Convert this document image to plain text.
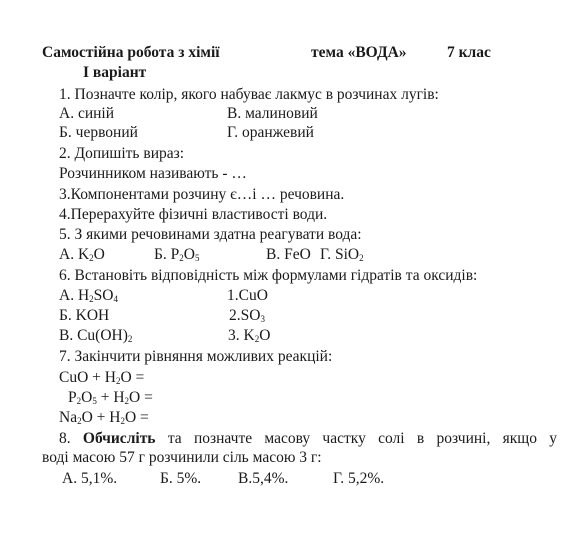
Самостійна робота з хімії	тема «ВОДА»	7 клас
I варіант
1. Позначте колір, якого набуває лакмус в розчинах лугів:
А. синій	В. малиновий
Б. червоний	Г. оранжевий
2. Допишіть вираз:
Розчинником називають - …
3.Компонентами розчину є…і … речовина.
4.Перерахуйте фізичні властивості води.
5. З якими речовинами здатна реагувати вода:
А. $K_2O$	Б. $P_2O_5$	В. FeO Г. SiO$_2$
6. Встановіть відповідність між формулами гідратів та оксидів:
А. $H_2SO_4$	1.CuO
Б. KOH	$2.SO_3$
В. $Cu(OH)_2$	3. $K_2O$
7. Закінчити рівняння можливих реакцій:
CuO + $H_2O$ =
$P_2O_5 + H_2O$ =
$Na_2O + H_2O$ =
8. Обчисліть та позначте масову частку солі в розчині, якщо у
воді масою 57 г розчинили сіль масою 3 г:
А. 5,1%.	Б. 5%. В.5,4%.	Г. 5,2%.
